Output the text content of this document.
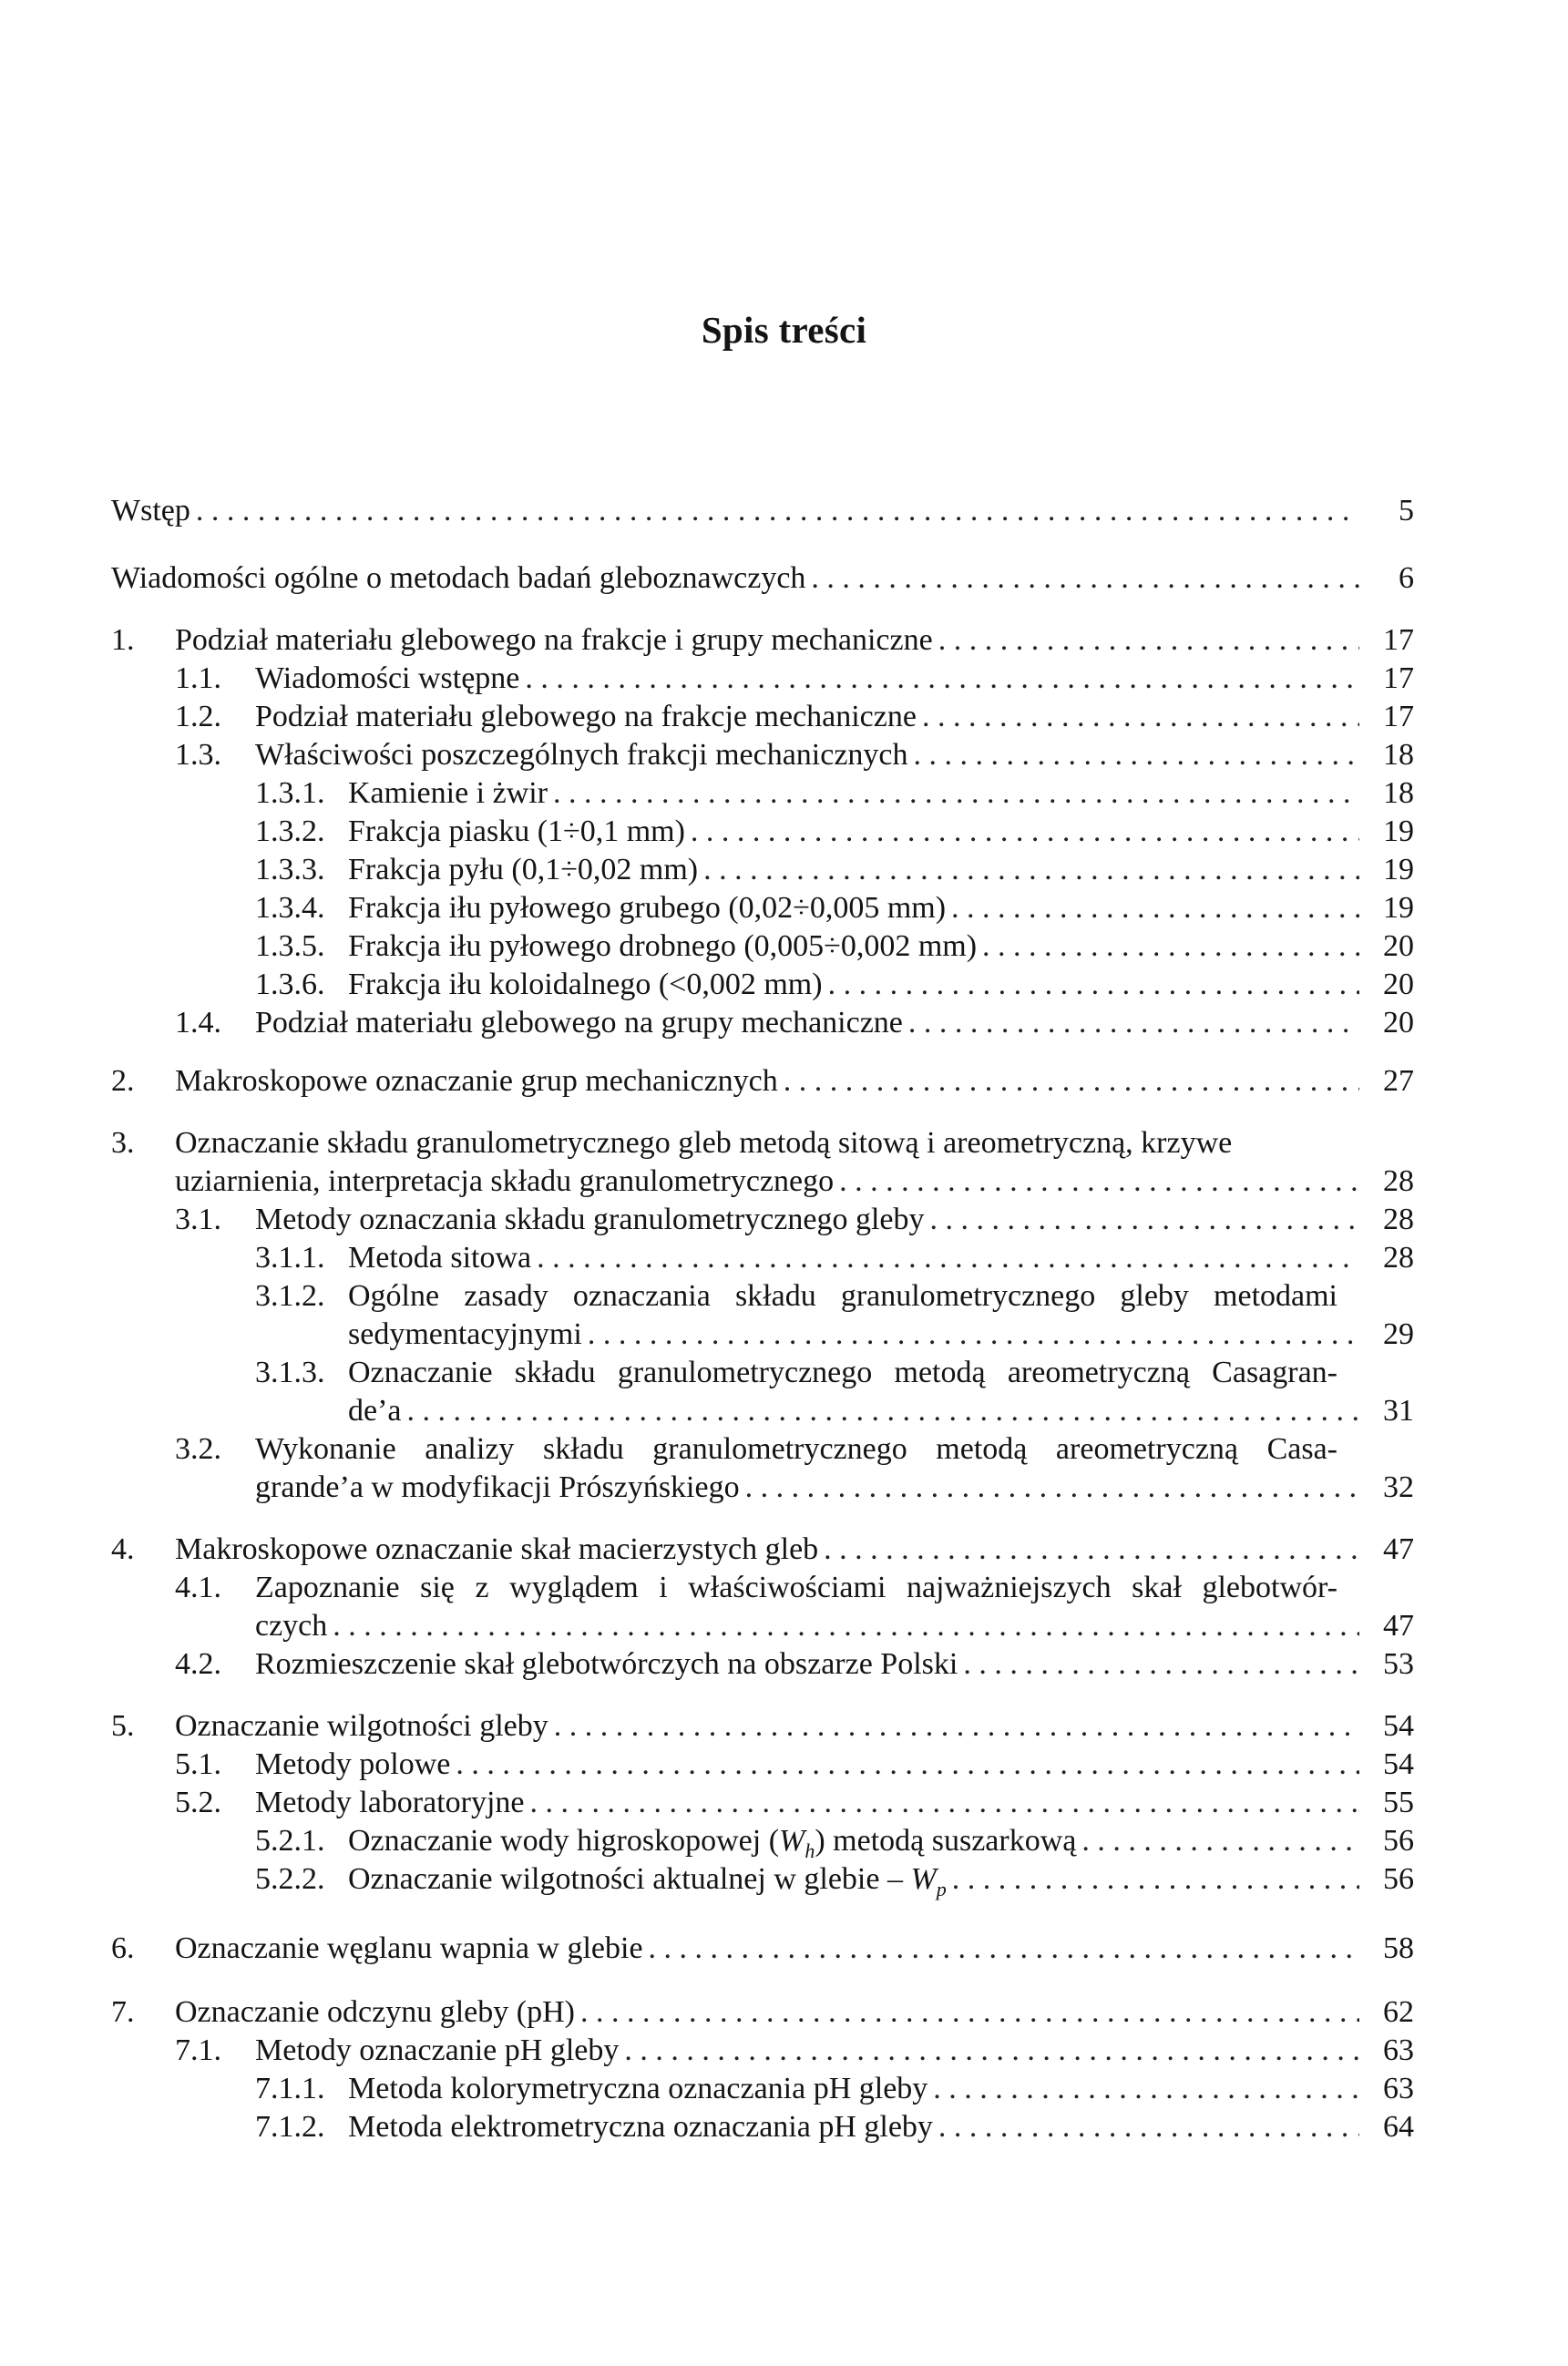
Spis treści
Wstęp . . .	5
Wiadomości ogólne o metodach badań gleboznawczych . . .	6
1. Podział materiału glebowego na frakcje i grupy mechaniczne . . .	17
1.1. Wiadomości wstępne . . .	17
1.2. Podział materiału glebowego na frakcje mechaniczne . . .	17
1.3. Właściwości poszczególnych frakcji mechanicznych . . .	18
1.3.1. Kamienie i żwir . . .	18
1.3.2. Frakcja piasku (1÷0,1 mm) . . .	19
1.3.3. Frakcja pyłu (0,1÷0,02 mm) . . .	19
1.3.4. Frakcja iłu pyłowego grubego (0,02÷0,005 mm) . . .	19
1.3.5. Frakcja iłu pyłowego drobnego (0,005÷0,002 mm) . . .	20
1.3.6. Frakcja iłu koloidalnego (<0,002 mm) . . .	20
1.4. Podział materiału glebowego na grupy mechaniczne . . .	20
2. Makroskopowe oznaczanie grup mechanicznych . . .	27
3. Oznaczanie składu granulometrycznego gleb metodą sitową i areometryczną, krzywe
uziarnienia, interpretacja składu granulometrycznego . . .	28
3.1. Metody oznaczania składu granulometrycznego gleby . . .	28
3.1.1. Metoda sitowa . . .	28
3.1.2. Ogólne zasady oznaczania składu granulometrycznego gleby metodami
sedymentacyjnymi . . .	29
3.1.3. Oznaczanie składu granulometrycznego metodą areometryczną Casagran-
de’a . . .	31
3.2. Wykonanie analizy składu granulometrycznego metodą areometryczną Casa-
grande’a w modyfikacji Prószyńskiego . . .	32
4. Makroskopowe oznaczanie skał macierzystych gleb . . .	47
4.1. Zapoznanie się z wyglądem i właściwościami najważniejszych skał glebotwór-
czych . . .	47
4.2. Rozmieszczenie skał glebotwórczych na obszarze Polski . . .	53
5. Oznaczanie wilgotności gleby . . .	54
5.1. Metody polowe . . .	54
5.2. Metody laboratoryjne . . .	55
5.2.1. Oznaczanie wody higroskopowej $(W_h)$ metodą suszarkową . . .	56
5.2.2. Oznaczanie wilgotności aktualnej w glebie – $W_p$ . . .	56
6. Oznaczanie węglanu wapnia w glebie . . .	58
7. Oznaczanie odczynu gleby (pH) . . .	62
7.1. Metody oznaczanie pH gleby . . .	63
7.1.1. Metoda kolorymetryczna oznaczania pH gleby . . .	63
7.1.2. Metoda elektrometryczna oznaczania pH gleby . . .	64
